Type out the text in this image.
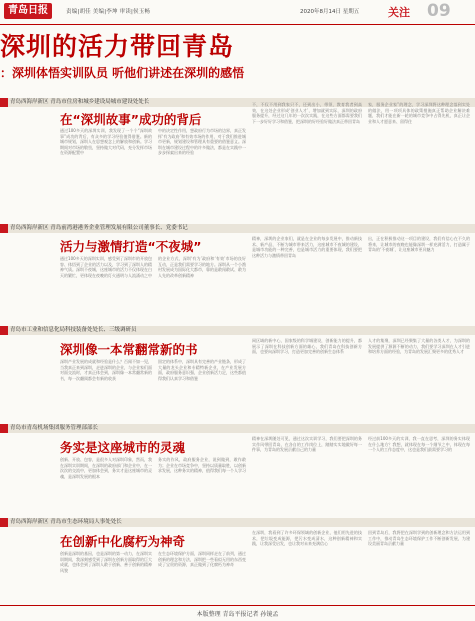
青岛日报	责编|胡佳 美编|李坤 审读|侯玉畅	2020年8月14日 星期五	关注 09
深圳的活力带回青岛
：深圳体悟实训队员 听他们讲述在深圳的感悟
青岛西海岸新区 青岛市住房和城乡建设局城市建设处处长
在“深圳故事”成功的背后
通过100多天的深圳实训，我发现了一个个“深圳故事”成功的背后，有众多的学习经验值得借鉴。新的城市规划，深圳人在思想观念上的解放和创新。学习期间对市场的敬畏，坚持做大对代码，充分发挥市场在资源配置中
中的决定性作用，想政府行为市场的边界，真正发挥‘有为政府’和有效市场的作用，对于我们推进城市更新，规划建设和管理具有重要的借鉴意义。深圳在城市建设过程中的许多做法，都是在实践中一步步探索出来的经验
不，不仅不用到我家只不，还到出小，带领，教育我者到高效，在这处企业形成‘创业人才’，增加就到实际，深圳的政府服务提升，经过这几年的一次次实践，在这些方面都需要我们下一步好好学习和借鉴，把深圳的好经验好做法真正带回青岛
家，服务企业家”的理念，学习深圳将这种理念落到实处的做法，用一项项具体的政策措施真正帮助企业解决难题，我们才能在新一轮的城市竞争中占得先机，真正让企业和人才愿意来、留得住
青岛西海岸新区 青岛前湾港港务企业管理发展有限公司董事长、党委书记
活力与激情打造“不夜城”
通过100多天的深圳实训，感受到了深圳市的开放包容、体悟到了企业的活力以及，学习到了深圳人的精神气质。深圳不夜城，这座城市的活力不仅体现在白天的繁忙，更体现在夜晚的灯火通明与人流涌动之中
的企业方式，深圳‘有为’政府和‘有效’市场的良好互动，正是我们需要学习的地方。深圳从一个小渔村发展成为国际化大都市，靠的是敢闯敢试、敢为人先的改革创新精神
精神，深圳的企业家们，就是在企业的每步发展中，推动新技术、新产品，不断为城市带来活力，这座城市不夜城的建设，是城市功能的一种完善，也是城市活力的重要体现，我们要把这种活力与激情带回青岛
出，正在积极推动这一项目的建设，我们有信心在不久的将来，让城市的夜晚也能像深圳一样充满活力，打造属于青岛的‘不夜城’，让这座城市更具魅力
青岛市工业和信息化局科技装备处处长、三级调研员
深圳像一本常翻常新的书
深圳产业发展的成就和经验是什么？百闻不如一见，当我真正来到深圳，走进深圳的企业，与企业家们面对面交流时，才真正体会到，深圳像一本常翻常新的书，每一次翻阅都会有新的收获
固定的体系中，深圳具有完善的产业链条，形成了大量的龙头企业和专精特新企业，在产业发展方面，政府服务意识强，企业创新活力足，这些都值得我们认真学习和借鉴
网区域的新中心，国家级的科学城建设，创新能力的提升，都展示了深圳在科技创新方面的雄心，我们青岛在科技创新方面，也要向深圳学习，打造更加完善的创新生态体系
人才的集聚，深圳已经聚集了大量的各类人才，为深圳的发展提供了源源不断的动力，我们要学习深圳在人才引进和培养方面的经验，为青岛的发展汇聚更多的优秀人才
青岛市青岛机场集团服务管理部部长
务实是这座城市的灵魂
创新、开放、包容，是很多人对深圳印象，然而，我在深圳实训期间，在深圳的政府部门和企业中，在一次次的交流中，更加体会到，务实才是这座城市的灵魂，是深圳发展的根本
务实的作风，政府服务企业，说到做到，敢作敢为；企业在市场竞争中，坚持以质量取胜，以创新求发展，这种务实的精神，值得我们每一个人学习
精神在深圳随处可见，通过这次实训学习，我们要把深圳的务实作风带回青岛，在各自的工作岗位上，踏踏实实地做好每一件事，为青岛的发展贡献自己的力量
经过前100多天的实训，我一直在思考，深圳的务实体现在什么地方？我想，就体现在每一个细节之中，体现在每一个人的工作态度中，这也是我们最需要学习的
青岛西海岸新区 青岛市生态环境局人事处处长
在创新中化腐朽为神奇
创新是深圳的基因，也是深圳的第一动力，在深圳实训期间，我深刻感受到了深圳在创新方面取得的巨大成就，也体会到了深圳人敢于创新、善于创新的精神风貌
在生态环境保护方面，深圳同样走在了前列，通过创新的理念和方法，深圳把一些看似无用的东西变成了宝贵的资源，真正做到了化腐朽为神奇
在深圳，我看到了许多环保领域的创新企业，他们用先进的技术，把垃圾变成能源，把污水变成清水，这种创新精神和实践，让我深受启发，也让我对未来充满信心
回到青岛后，我将把在深圳学到的创新理念和方法运用到工作中，推动青岛生态环境保护工作不断创新发展，为建设美丽青岛贡献力量
本版整理 青岛平报记者 孙镜孟
